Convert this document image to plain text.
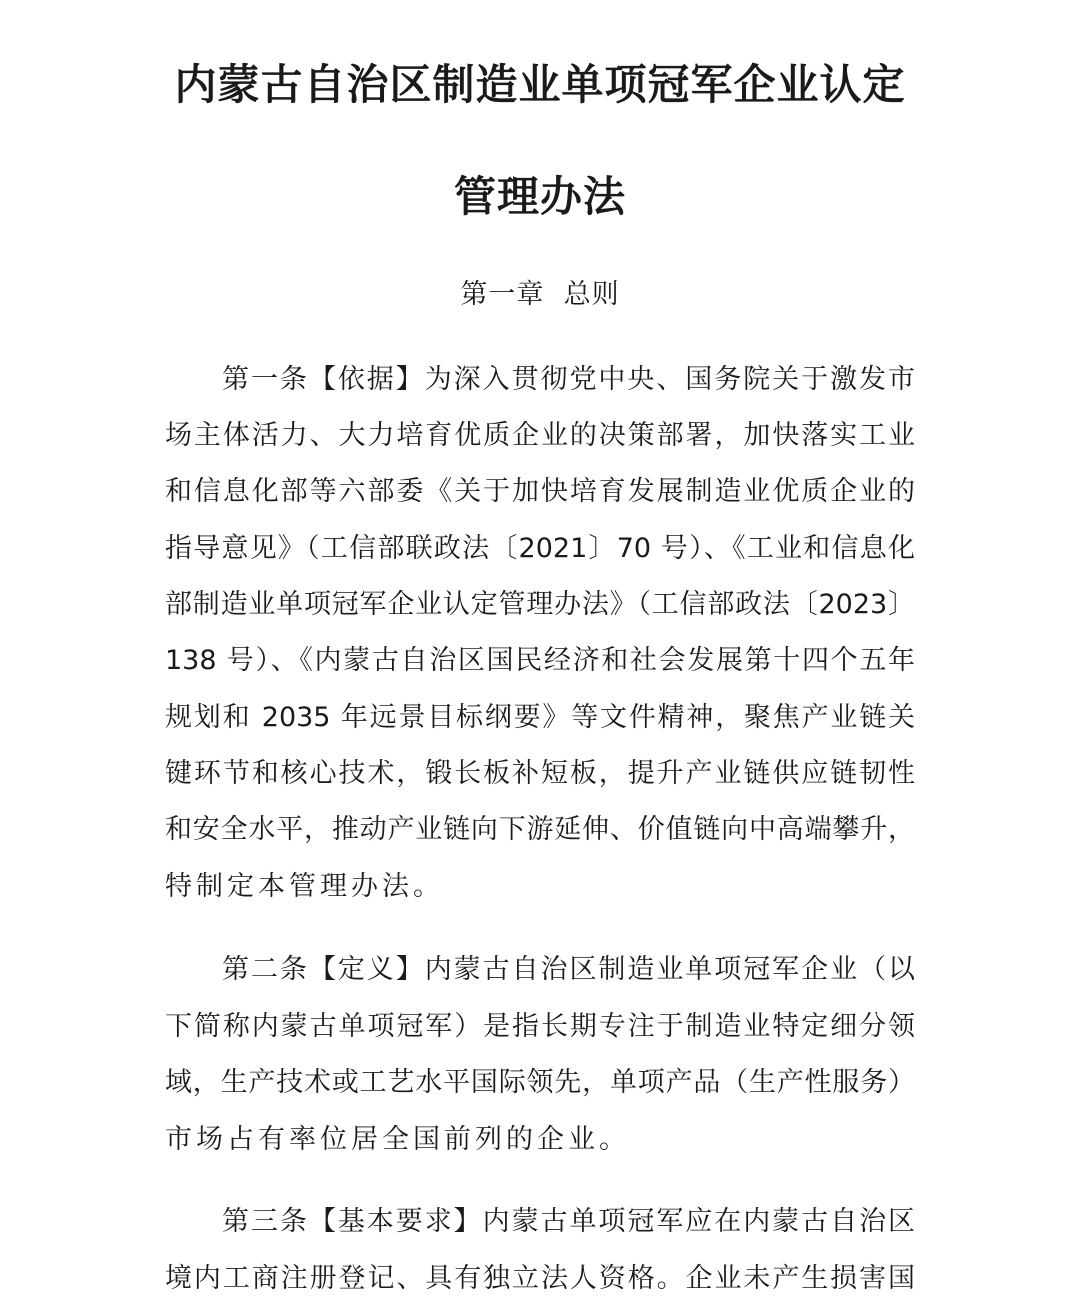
内蒙古自治区制造业单项冠军企业认定
管理办法
第一章  总则
第一条【依据】为深入贯彻党中央、国务院关于激发市
场主体活力、大力培育优质企业的决策部署，加快落实工业
和信息化部等六部委《关于加快培育发展制造业优质企业的
指导意见》（工信部联政法〔2021〕70 号）、《工业和信息化
部制造业单项冠军企业认定管理办法》（工信部政法〔2023〕
138 号）、《内蒙古自治区国民经济和社会发展第十四个五年
规划和 2035 年远景目标纲要》等文件精神，聚焦产业链关
键环节和核心技术，锻长板补短板，提升产业链供应链韧性
和安全水平，推动产业链向下游延伸、价值链向中高端攀升，
特制定本管理办法。
第二条【定义】内蒙古自治区制造业单项冠军企业（以
下简称内蒙古单项冠军）是指长期专注于制造业特定细分领
域，生产技术或工艺水平国际领先，单项产品（生产性服务）
市场占有率位居全国前列的企业。
第三条【基本要求】内蒙古单项冠军应在内蒙古自治区
境内工商注册登记、具有独立法人资格。企业未产生损害国
